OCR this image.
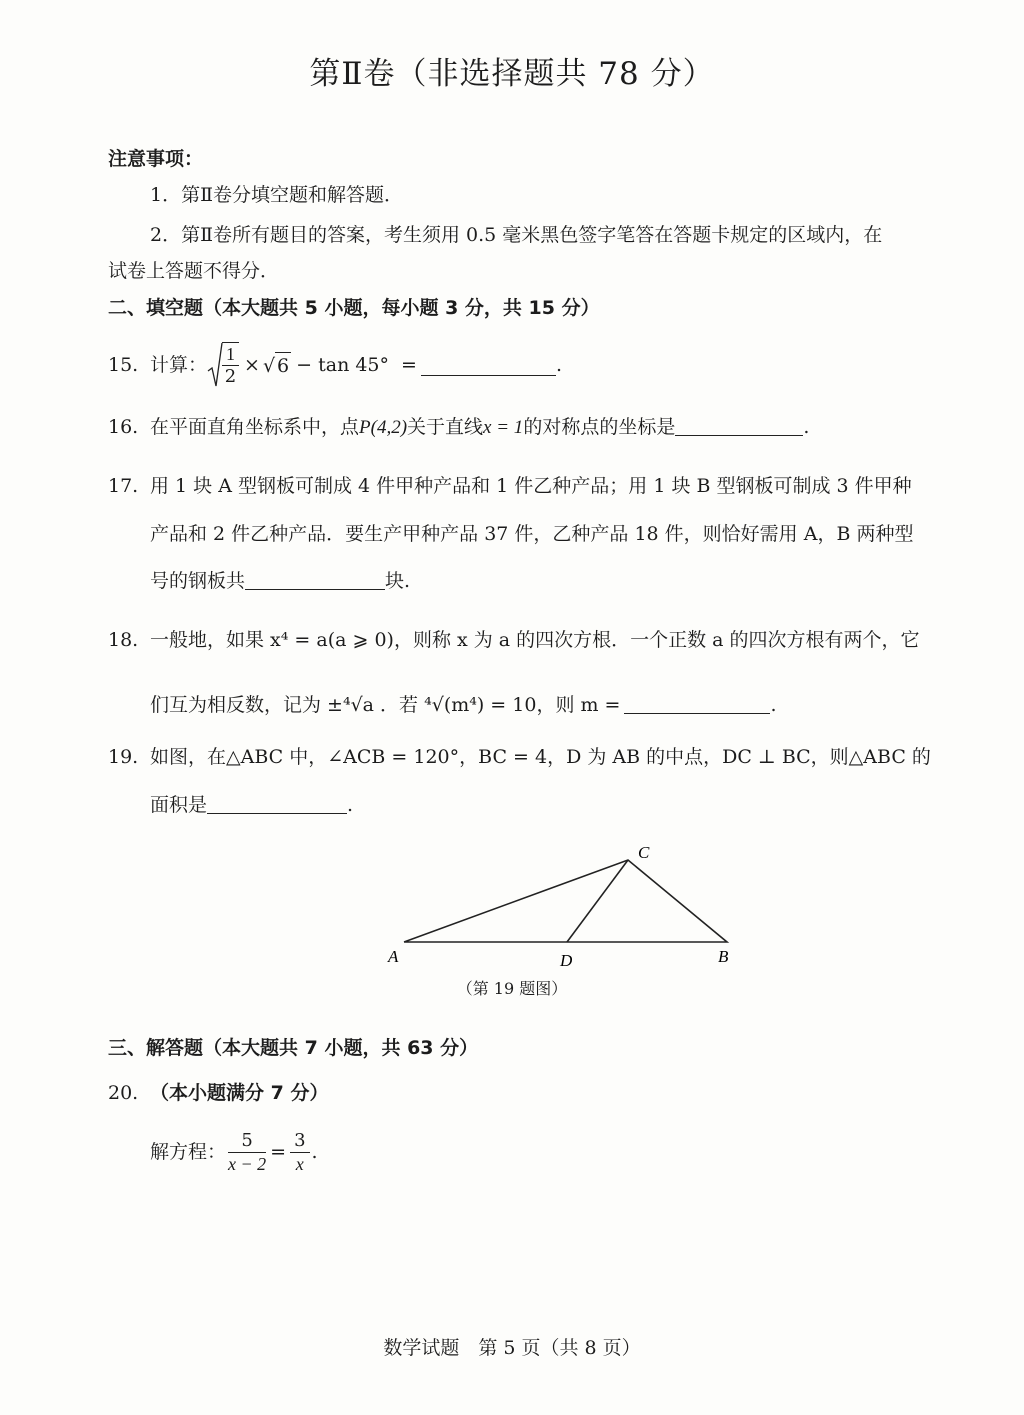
第Ⅱ卷（非选择题共 78 分）
注意事项：
1．第Ⅱ卷分填空题和解答题．
2．第Ⅱ卷所有题目的答案，考生须用 0.5 毫米黑色签字笔答在答题卡规定的区域内，在
试卷上答题不得分．
二、填空题（本大题共 5 小题，每小题 3 分，共 15 分）
15. 计算： $\frac{1}{2}$ × √ 6 − tan 45° =	.
16. 在平面直角坐标系中，点P(4,2)关于直线x = 1的对称点的坐标是	.
17. 用 1 块 A 型钢板可制成 4 件甲种产品和 1 件乙种产品；用 1 块 B 型钢板可制成 3 件甲种
产品和 2 件乙种产品．要生产甲种产品 37 件，乙种产品 18 件，则恰好需用 A，B 两种型
号的钢板共	块.
18. 一般地，如果 x⁴ = a(a ⩾ 0)，则称 x 为 a 的四次方根．一个正数 a 的四次方根有两个，它
们互为相反数，记为 ±⁴√a ．若 ⁴√(m⁴) = 10，则 m =	.
19. 如图，在△ABC 中，∠ACB = 120°，BC = 4，D 为 AB 的中点，DC ⊥ BC，则△ABC 的
面积是	.
C
A	D	B
（第 19 题图）
三、解答题（本大题共 7 小题，共 63 分）
20. （本小题满分 7 分）
解方程： $\frac{5}{x - 2} = \frac{3}{x}$ .
数学试题　第 5 页（共 8 页）
